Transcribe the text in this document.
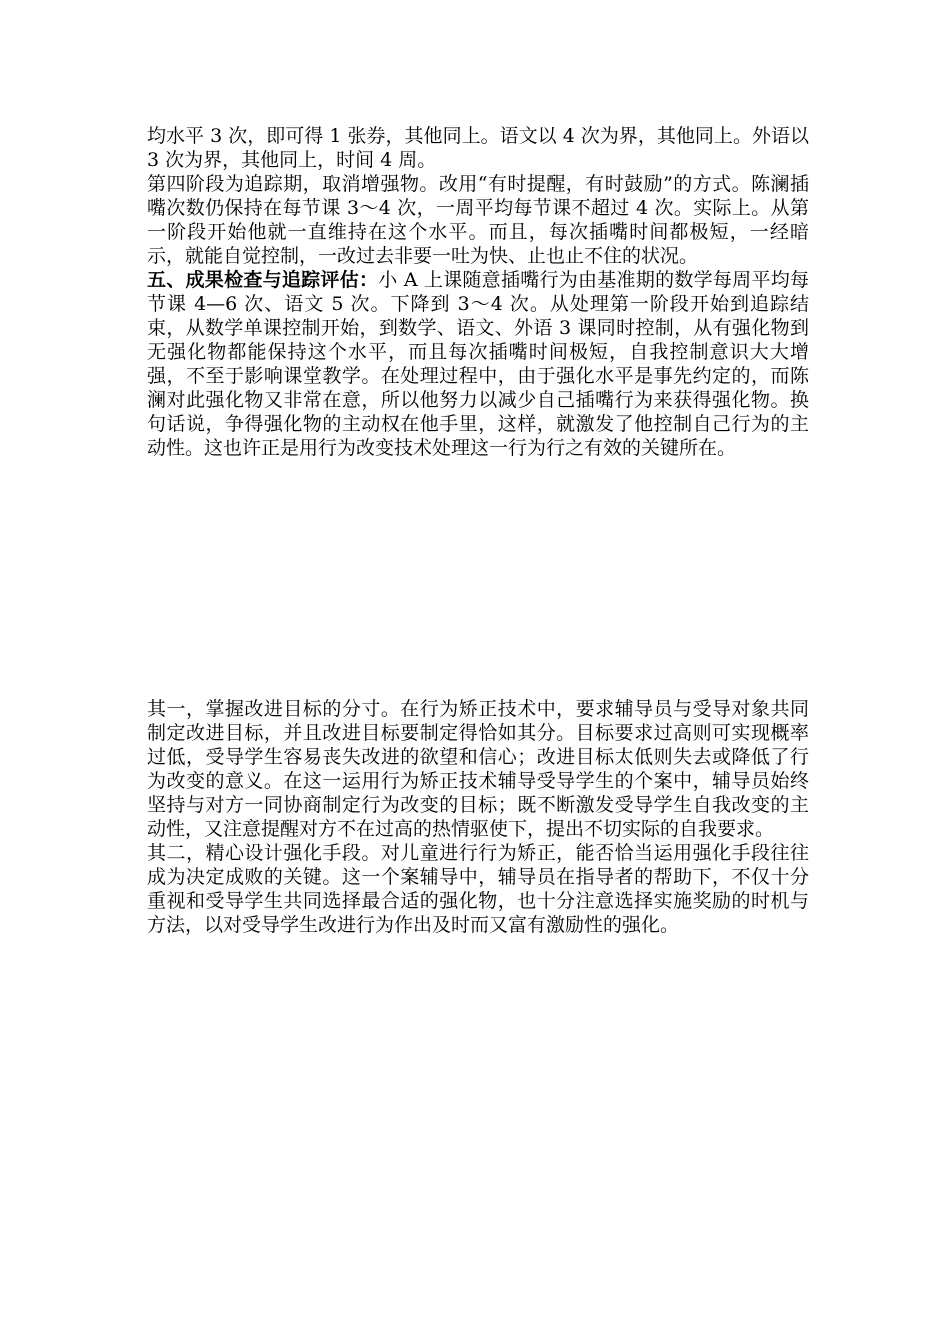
均水平 3 次，即可得 1 张券，其他同上。语文以 4 次为界，其他同上。外语以 3 次为界，其他同上，时间 4 周。

第四阶段为追踪期，取消增强物。改用“有时提醒，有时鼓励”的方式。陈澜插嘴次数仍保持在每节课 3～4 次，一周平均每节课不超过 4 次。实际上。从第一阶段开始他就一直维持在这个水平。而且，每次插嘴时间都极短，一经暗示，就能自觉控制，一改过去非要一吐为快、止也止不住的状况。

五、成果检查与追踪评估：小 A 上课随意插嘴行为由基准期的数学每周平均每节课 4—6 次、语文 5 次。下降到 3～4 次。从处理第一阶段开始到追踪结束，从数学单课控制开始，到数学、语文、外语 3 课同时控制，从有强化物到无强化物都能保持这个水平，而且每次插嘴时间极短，自我控制意识大大增强，不至于影响课堂教学。在处理过程中，由于强化水平是事先约定的，而陈澜对此强化物又非常在意，所以他努力以减少自己插嘴行为来获得强化物。换句话说，争得强化物的主动权在他手里，这样，就激发了他控制自己行为的主动性。这也许正是用行为改变技术处理这一行为行之有效的关键所在。

其一，掌握改进目标的分寸。在行为矫正技术中，要求辅导员与受导对象共同制定改进目标，并且改进目标要制定得恰如其分。目标要求过高则可实现概率过低，受导学生容易丧失改进的欲望和信心；改进目标太低则失去或降低了行为改变的意义。在这一运用行为矫正技术辅导受导学生的个案中，辅导员始终坚持与对方一同协商制定行为改变的目标；既不断激发受导学生自我改变的主动性，又注意提醒对方不在过高的热情驱使下，提出不切实际的自我要求。

其二，精心设计强化手段。对儿童进行行为矫正，能否恰当运用强化手段往往成为决定成败的关键。这一个案辅导中，辅导员在指导者的帮助下，不仅十分重视和受导学生共同选择最合适的强化物，也十分注意选择实施奖励的时机与方法，以对受导学生改进行为作出及时而又富有激励性的强化。
